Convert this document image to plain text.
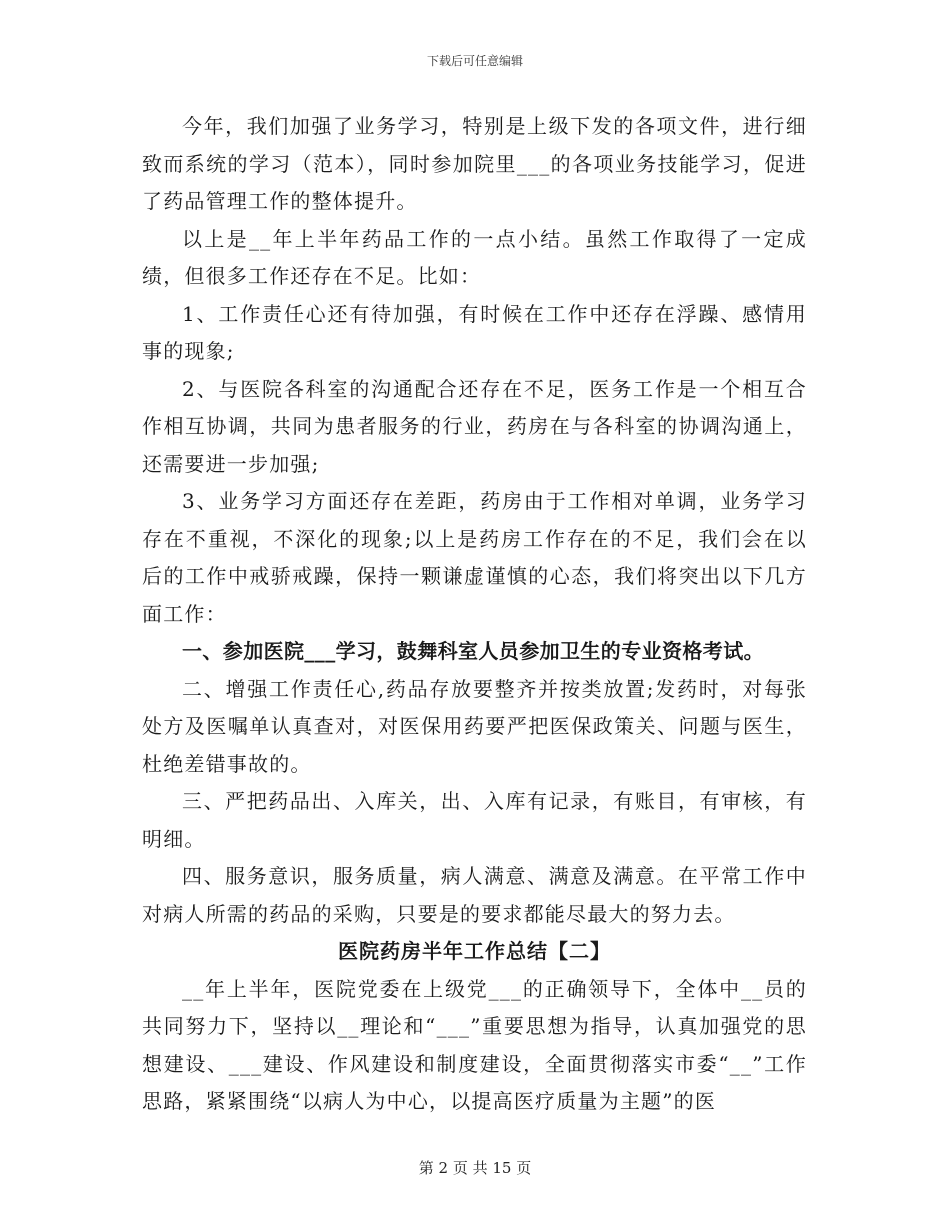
下载后可任意编辑

今年，我们加强了业务学习，特别是上级下发的各项文件，进行细致而系统的学习（范本），同时参加院里___的各项业务技能学习，促进了药品管理工作的整体提升。

以上是__年上半年药品工作的一点小结。虽然工作取得了一定成绩，但很多工作还存在不足。比如：

1、工作责任心还有待加强，有时候在工作中还存在浮躁、感情用事的现象;

2、与医院各科室的沟通配合还存在不足，医务工作是一个相互合作相互协调，共同为患者服务的行业，药房在与各科室的协调沟通上，还需要进一步加强;

3、业务学习方面还存在差距，药房由于工作相对单调，业务学习存在不重视，不深化的现象;以上是药房工作存在的不足，我们会在以后的工作中戒骄戒躁，保持一颗谦虚谨慎的心态，我们将突出以下几方面工作：

一、参加医院___学习，鼓舞科室人员参加卫生的专业资格考试。

二、增强工作责任心,药品存放要整齐并按类放置;发药时，对每张处方及医嘱单认真查对，对医保用药要严把医保政策关、问题与医生，杜绝差错事故的。

三、严把药品出、入库关，出、入库有记录，有账目，有审核，有明细。

四、服务意识，服务质量，病人满意、满意及满意。在平常工作中对病人所需的药品的采购，只要是的要求都能尽最大的努力去。

医院药房半年工作总结【二】

__年上半年，医院党委在上级党___的正确领导下，全体中__员的共同努力下，坚持以__理论和“___”重要思想为指导，认真加强党的思想建设、___建设、作风建设和制度建设，全面贯彻落实市委“__”工作思路，紧紧围绕“以病人为中心，以提高医疗质量为主题”的医

第 2 页 共 15 页
